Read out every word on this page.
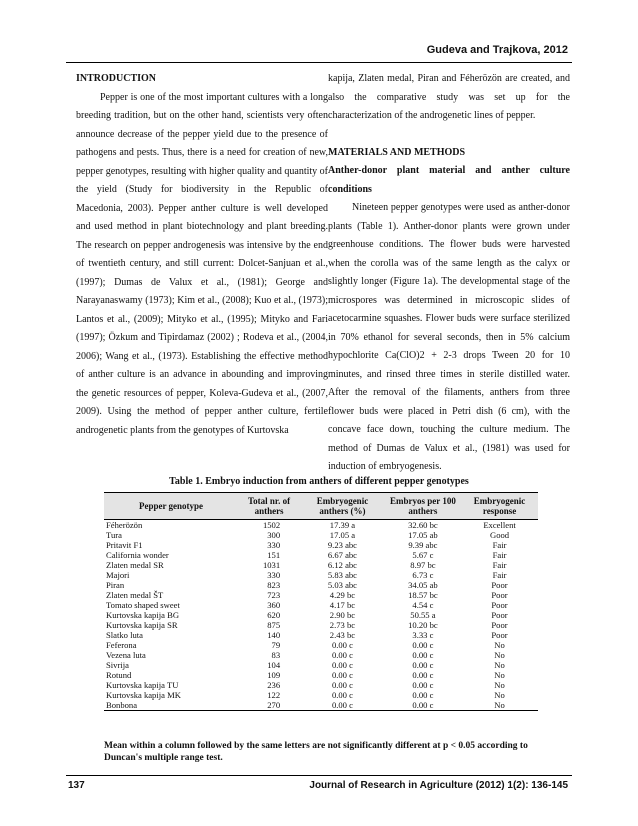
Gudeva and Trajkova, 2012

INTRODUCTION

Pepper is one of the most important cultures with a long breeding tradition, but on the other hand, scientists very often announce decrease of the pepper yield due to the presence of pathogens and pests. Thus, there is a need for creation of new, pepper genotypes, resulting with higher quality and quantity of the yield (Study for biodiversity in the Republic of Macedonia, 2003). Pepper anther culture is well developed and used method in plant biotechnology and plant breeding. The research on pepper androgenesis was intensive by the end of twentieth century, and still current: Dolcet-Sanjuan et al., (1997); Dumas de Valux et al., (1981); George and Narayanaswamy (1973); Kim et al., (2008); Kuo et al., (1973); Lantos et al., (2009); Mityko et al., (1995); Mityko and Fari (1997); Özkum and Tipirdamaz (2002) ; Rodeva et al., (2004, 2006); Wang et al., (1973). Establishing the effective method of anther culture is an advance in abounding and improving the genetic resources of pepper, Koleva-Gudeva et al., (2007, 2009). Using the method of pepper anther culture, fertile androgenetic plants from the genotypes of Kurtovska

kapija, Zlaten medal, Piran and Féherözön are created, and also the comparative study was set up for the characterization of the androgenetic lines of pepper.

MATERIALS AND METHODS

Anther-donor plant material and anther culture conditions

Nineteen pepper genotypes were used as anther-donor plants (Table 1). Anther-donor plants were grown under greenhouse conditions. The flower buds were harvested when the corolla was of the same length as the calyx or slightly longer (Figure 1a). The developmental stage of the microspores was determined in microscopic slides of acetocarmine squashes. Flower buds were surface sterilized in 70% ethanol for several seconds, then in 5% calcium hypochlorite Ca(ClO)2 + 2-3 drops Tween 20 for 10 minutes, and rinsed three times in sterile distilled water. After the removal of the filaments, anthers from three flower buds were placed in Petri dish (6 cm), with the concave face down, touching the culture medium. The method of Dumas de Valux et al., (1981) was used for induction of embryogenesis.

Table 1. Embryo induction from anthers of different pepper genotypes
Pepper genotype	Total nr. of anthers	Embryogenic anthers (%)	Embryos per 100 anthers	Embryogenic response
Féherözön	1502	17.39 a	32.60 bc	Excellent
Tura	300	17.05 a	17.05 ab	Good
Pritavit F1	330	9.23 abc	9.39 abc	Fair
California wonder	151	6.67 abc	5.67 c	Fair
Zlaten medal SR	1031	6.12 abc	8.97 bc	Fair
Majori	330	5.83 abc	6.73 c	Fair
Piran	823	5.03 abc	34.05 ab	Poor
Zlaten medal ŠT	723	4.29 bc	18.57 bc	Poor
Tomato shaped sweet	360	4.17 bc	4.54 c	Poor
Kurtovska kapija BG	620	2.90 bc	50.55 a	Poor
Kurtovska kapija SR	875	2.73 bc	10.20 bc	Poor
Slatko luta	140	2.43 bc	3.33 c	Poor
Feferona	79	0.00 c	0.00 c	No
Vezena luta	83	0.00 c	0.00 c	No
Sivrija	104	0.00 c	0.00 c	No
Rotund	109	0.00 c	0.00 c	No
Kurtovska kapija TU	236	0.00 c	0.00 c	No
Kurtovska kapija MK	122	0.00 c	0.00 c	No
Bonbona	270	0.00 c	0.00 c	No
Mean within a column followed by the same letters are not significantly different at p < 0.05 according to Duncan's multiple range test.
137	Journal of Research in Agriculture (2012) 1(2): 136-145
